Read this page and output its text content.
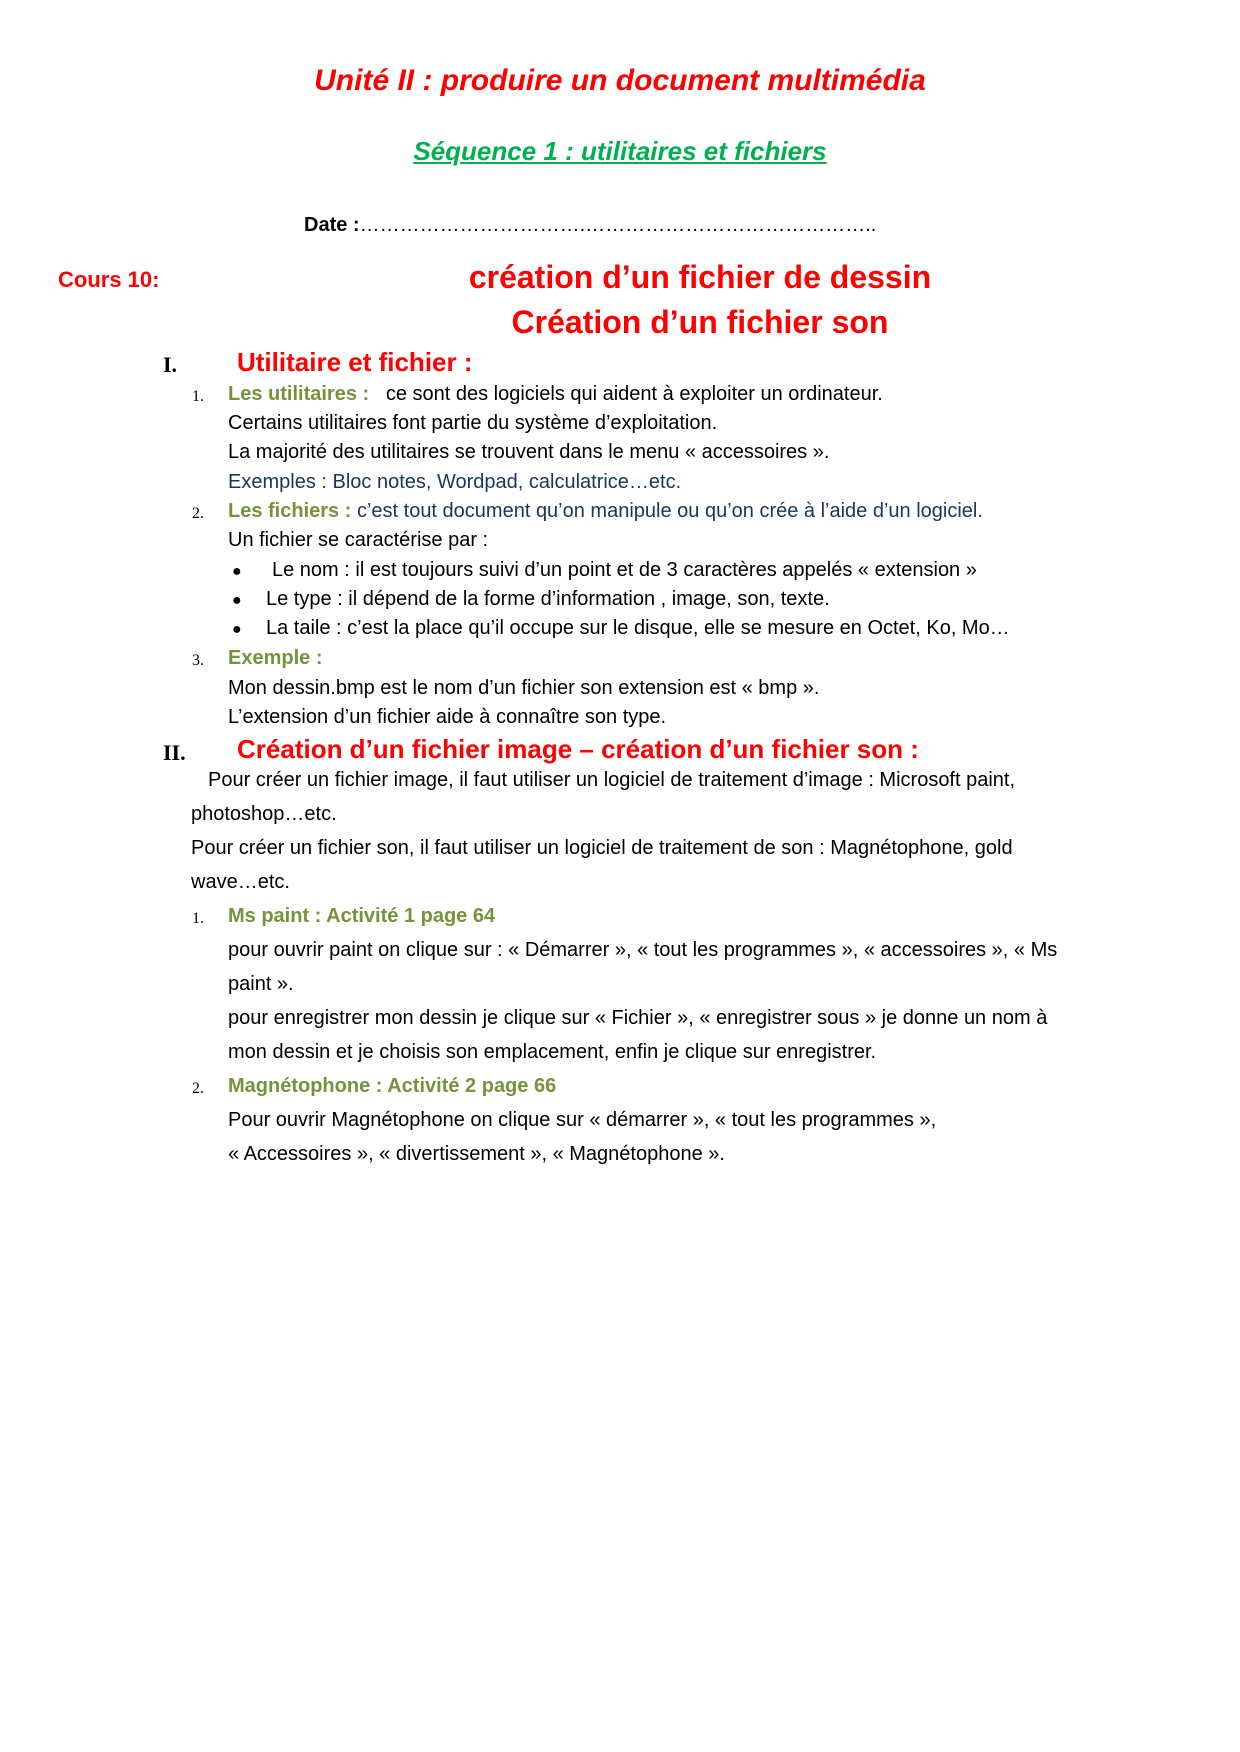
Unité II : produire un document multimédia
Séquence 1 : utilitaires et fichiers
Date :…………………………….……………………………………..
Cours 10:	création d’un fichier de dessin
Création d’un fichier son
I. Utilitaire et fichier :
1. Les utilitaires : ce sont des logiciels qui aident à exploiter un ordinateur.
Certains utilitaires font partie du système d’exploitation.
La majorité des utilitaires se trouvent dans le menu « accessoires ».
Exemples : Bloc notes, Wordpad, calculatrice…etc.
2. Les fichiers : c’est tout document qu’on manipule ou qu’on crée à l’aide d’un logiciel.
Un fichier se caractérise par :
● Le nom : il est toujours suivi d’un point et de 3 caractères appelés « extension »
● Le type : il dépend de la forme d’information , image, son, texte.
● La taile : c’est la place qu’il occupe sur le disque, elle se mesure en Octet, Ko, Mo…
3. Exemple :
Mon dessin.bmp est le nom d’un fichier son extension est « bmp ».
L’extension d’un fichier aide à connaître son type.
II. Création d’un fichier image – création d’un fichier son :
Pour créer un fichier image, il faut utiliser un logiciel de traitement d’image : Microsoft paint,
photoshop…etc.
Pour créer un fichier son, il faut utiliser un logiciel de traitement de son : Magnétophone, gold
wave…etc.
1. Ms paint : Activité 1 page 64
pour ouvrir paint on clique sur : « Démarrer », « tout les programmes », « accessoires », « Ms
paint ».
pour enregistrer mon dessin je clique sur « Fichier », « enregistrer sous » je donne un nom à
mon dessin et je choisis son emplacement, enfin je clique sur enregistrer.
2. Magnétophone : Activité 2 page 66
Pour ouvrir Magnétophone on clique sur « démarrer », « tout les programmes »,
« Accessoires », « divertissement », « Magnétophone ».
